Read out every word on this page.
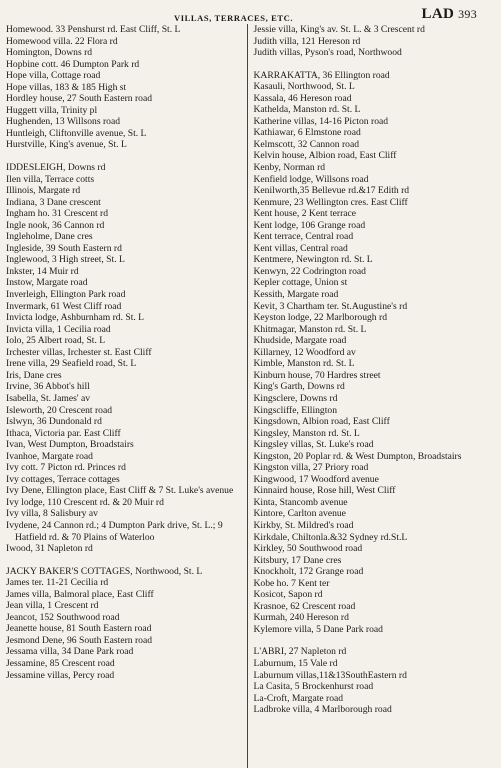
VILLAS, TERRACES, ETC.	LAD 393
Homewood. 33 Penshurst rd. East Cliff, St. L
Homewood villa. 22 Flora rd
Homington, Downs rd
Hopbine cott. 46 Dumpton Park rd
Hope villa, Cottage road
Hope villas, 183 & 185 High st
Hordley house, 27 South Eastern road
Huggett villa, Trinity pl
Hughenden, 13 Willsons road
Huntleigh, Cliftonville avenue, St. L
Hurstville, King's avenue, St. L
IDDESLEIGH, Downs rd
Ilen villa, Terrace cotts
Illinois, Margate rd
Indiana, 3 Dane crescent
Ingham ho. 31 Crescent rd
Ingle nook, 36 Cannon rd
Ingleholme, Dane cres
Ingleside, 39 South Eastern rd
Inglewood, 3 High street, St. L
Inkster, 14 Muir rd
Instow, Margate road
Inverleigh, Ellington Park road
Invermark, 61 West Cliff road
Invicta lodge, Ashburnham rd. St. L
Invicta villa, 1 Cecilia road
Iolo, 25 Albert road, St. L
Irchester villas, Irchester st. East Cliff
Irene villa, 29 Seafield road, St. L
Iris, Dane cres
Irvine, 36 Abbot's hill
Isabella, St. James' av
Isleworth, 20 Crescent road
Islwyn, 36 Dundonald rd
Ithaca, Victoria par. East Cliff
Ivan, West Dumpton, Broadstairs
Ivanhoe, Margate road
Ivy cott. 7 Picton rd. Princes rd
Ivy cottages, Terrace cottages
Ivy Dene, Ellington place, East Cliff & 7 St. Luke's avenue
Ivy lodge, 110 Crescent rd. & 20 Muir rd
Ivy villa, 8 Salisbury av
Ivydene, 24 Cannon rd.; 4 Dumpton Park drive, St. L.; 9 Hatfield rd. & 70 Plains of Waterloo
Iwood, 31 Napleton rd
JACKY BAKER'S COTTAGES, Northwood, St. L
James ter. 11-21 Cecilia rd
James villa, Balmoral place, East Cliff
Jean villa, 1 Crescent rd
Jeancot, 152 Southwood road
Jeanette house, 81 South Eastern road
Jesmond Dene, 96 South Eastern road
Jessama villa, 34 Dane Park road
Jessamine, 85 Crescent road
Jessamine villas, Percy road
Jessie villa, King's av. St. L. & 3 Crescent rd
Judith villa, 121 Hereson rd
Judith villas, Pyson's road, Northwood
KARRAKATTA, 36 Ellington road
Kasauli, Northwood, St. L
Kassala, 46 Hereson road
Kathelda, Manston rd. St. L
Katherine villas, 14-16 Picton road
Kathiawar, 6 Elmstone road
Kelmscott, 32 Cannon road
Kelvin house, Albion road, East Cliff
Kenby, Norman rd
Kenfield lodge, Willsons road
Kenilworth,35 Bellevue rd.&17 Edith rd
Kenmure, 23 Wellington cres. East Cliff
Kent house, 2 Kent terrace
Kent lodge, 106 Grange road
Kent terrace, Central road
Kent villas, Central road
Kentmere, Newington rd. St. L
Kenwyn, 22 Codrington road
Kepler cottage, Union st
Kessith, Margate road
Kevit, 3 Chartham ter. St.Augustine's rd
Keyston lodge, 22 Marlborough rd
Khitmagar, Manston rd. St. L
Khudside, Margate road
Killarney, 12 Woodford av
Kimble, Manston rd. St. L
Kinburn house, 70 Hardres street
King's Garth, Downs rd
Kingsclere, Downs rd
Kingscliffe, Ellington
Kingsdown, Albion road, East Cliff
Kingsley, Manston rd. St. L
Kingsley villas, St. Luke's road
Kingston, 20 Poplar rd. & West Dumpton, Broadstairs
Kingston villa, 27 Priory road
Kingwood, 17 Woodford avenue
Kinnaird house, Rose hill, West Cliff
Kinta, Stancomb avenue
Kintore, Carlton avenue
Kirkby, St. Mildred's road
Kirkdale, Chiltonla.&32 Sydney rd.St.L
Kirkley, 50 Southwood road
Kitsbury, 17 Dane cres
Knockholt, 172 Grange road
Kobe ho. 7 Kent ter
Kosicot, Sapon rd
Krasnoe, 62 Crescent road
Kurmah, 240 Hereson rd
Kylemore villa, 5 Dane Park road
L'ABRI, 27 Napleton rd
Laburnum, 15 Vale rd
Laburnum villas,11&13SouthEastern rd
La Casita, 5 Brockenhurst road
La-Croft, Margate road
Ladbroke villa, 4 Marlborough road
